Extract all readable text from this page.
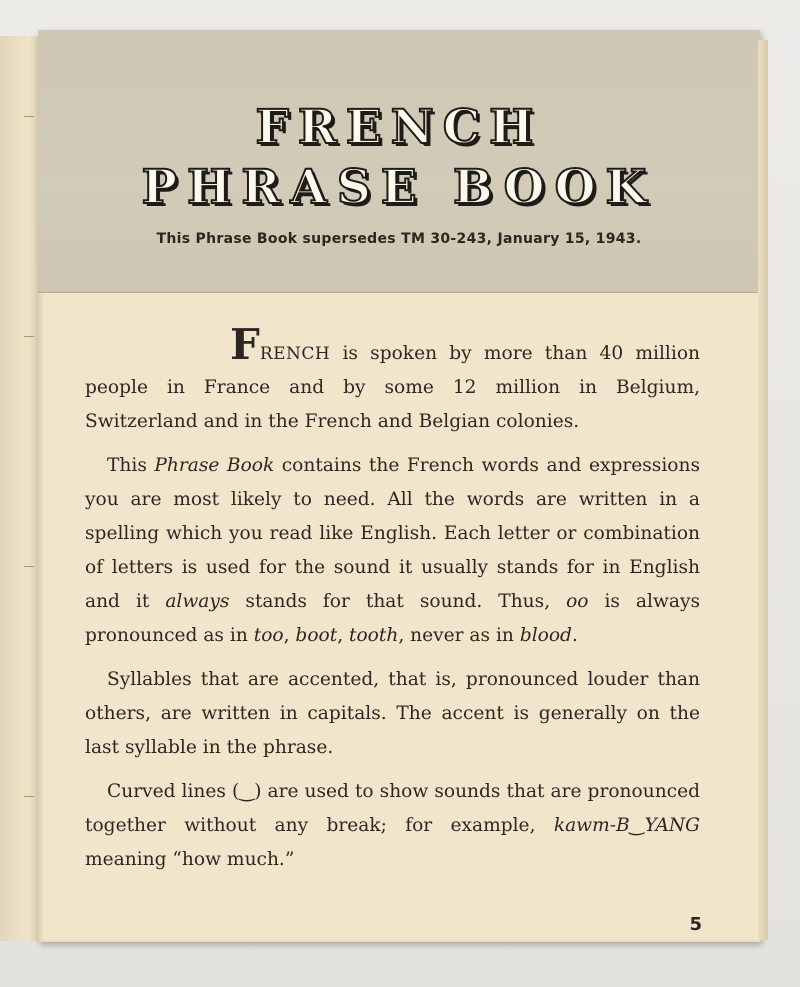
FRENCH
PHRASE BOOK
This Phrase Book supersedes TM 30-243, January 15, 1943.

FRENCH is spoken by more than 40 million people in France and by some 12 million in Belgium, Switzerland and in the French and Belgian colonies.

This Phrase Book contains the French words and expressions you are most likely to need. All the words are written in a spelling which you read like English. Each letter or combination of letters is used for the sound it usually stands for in English and it always stands for that sound. Thus, oo is always pronounced as in too, boot, tooth, never as in blood.

Syllables that are accented, that is, pronounced louder than others, are written in capitals. The accent is generally on the last syllable in the phrase.

Curved lines (‿) are used to show sounds that are pronounced together without any break; for example, kawm-B‿YANG meaning “how much.”

5
